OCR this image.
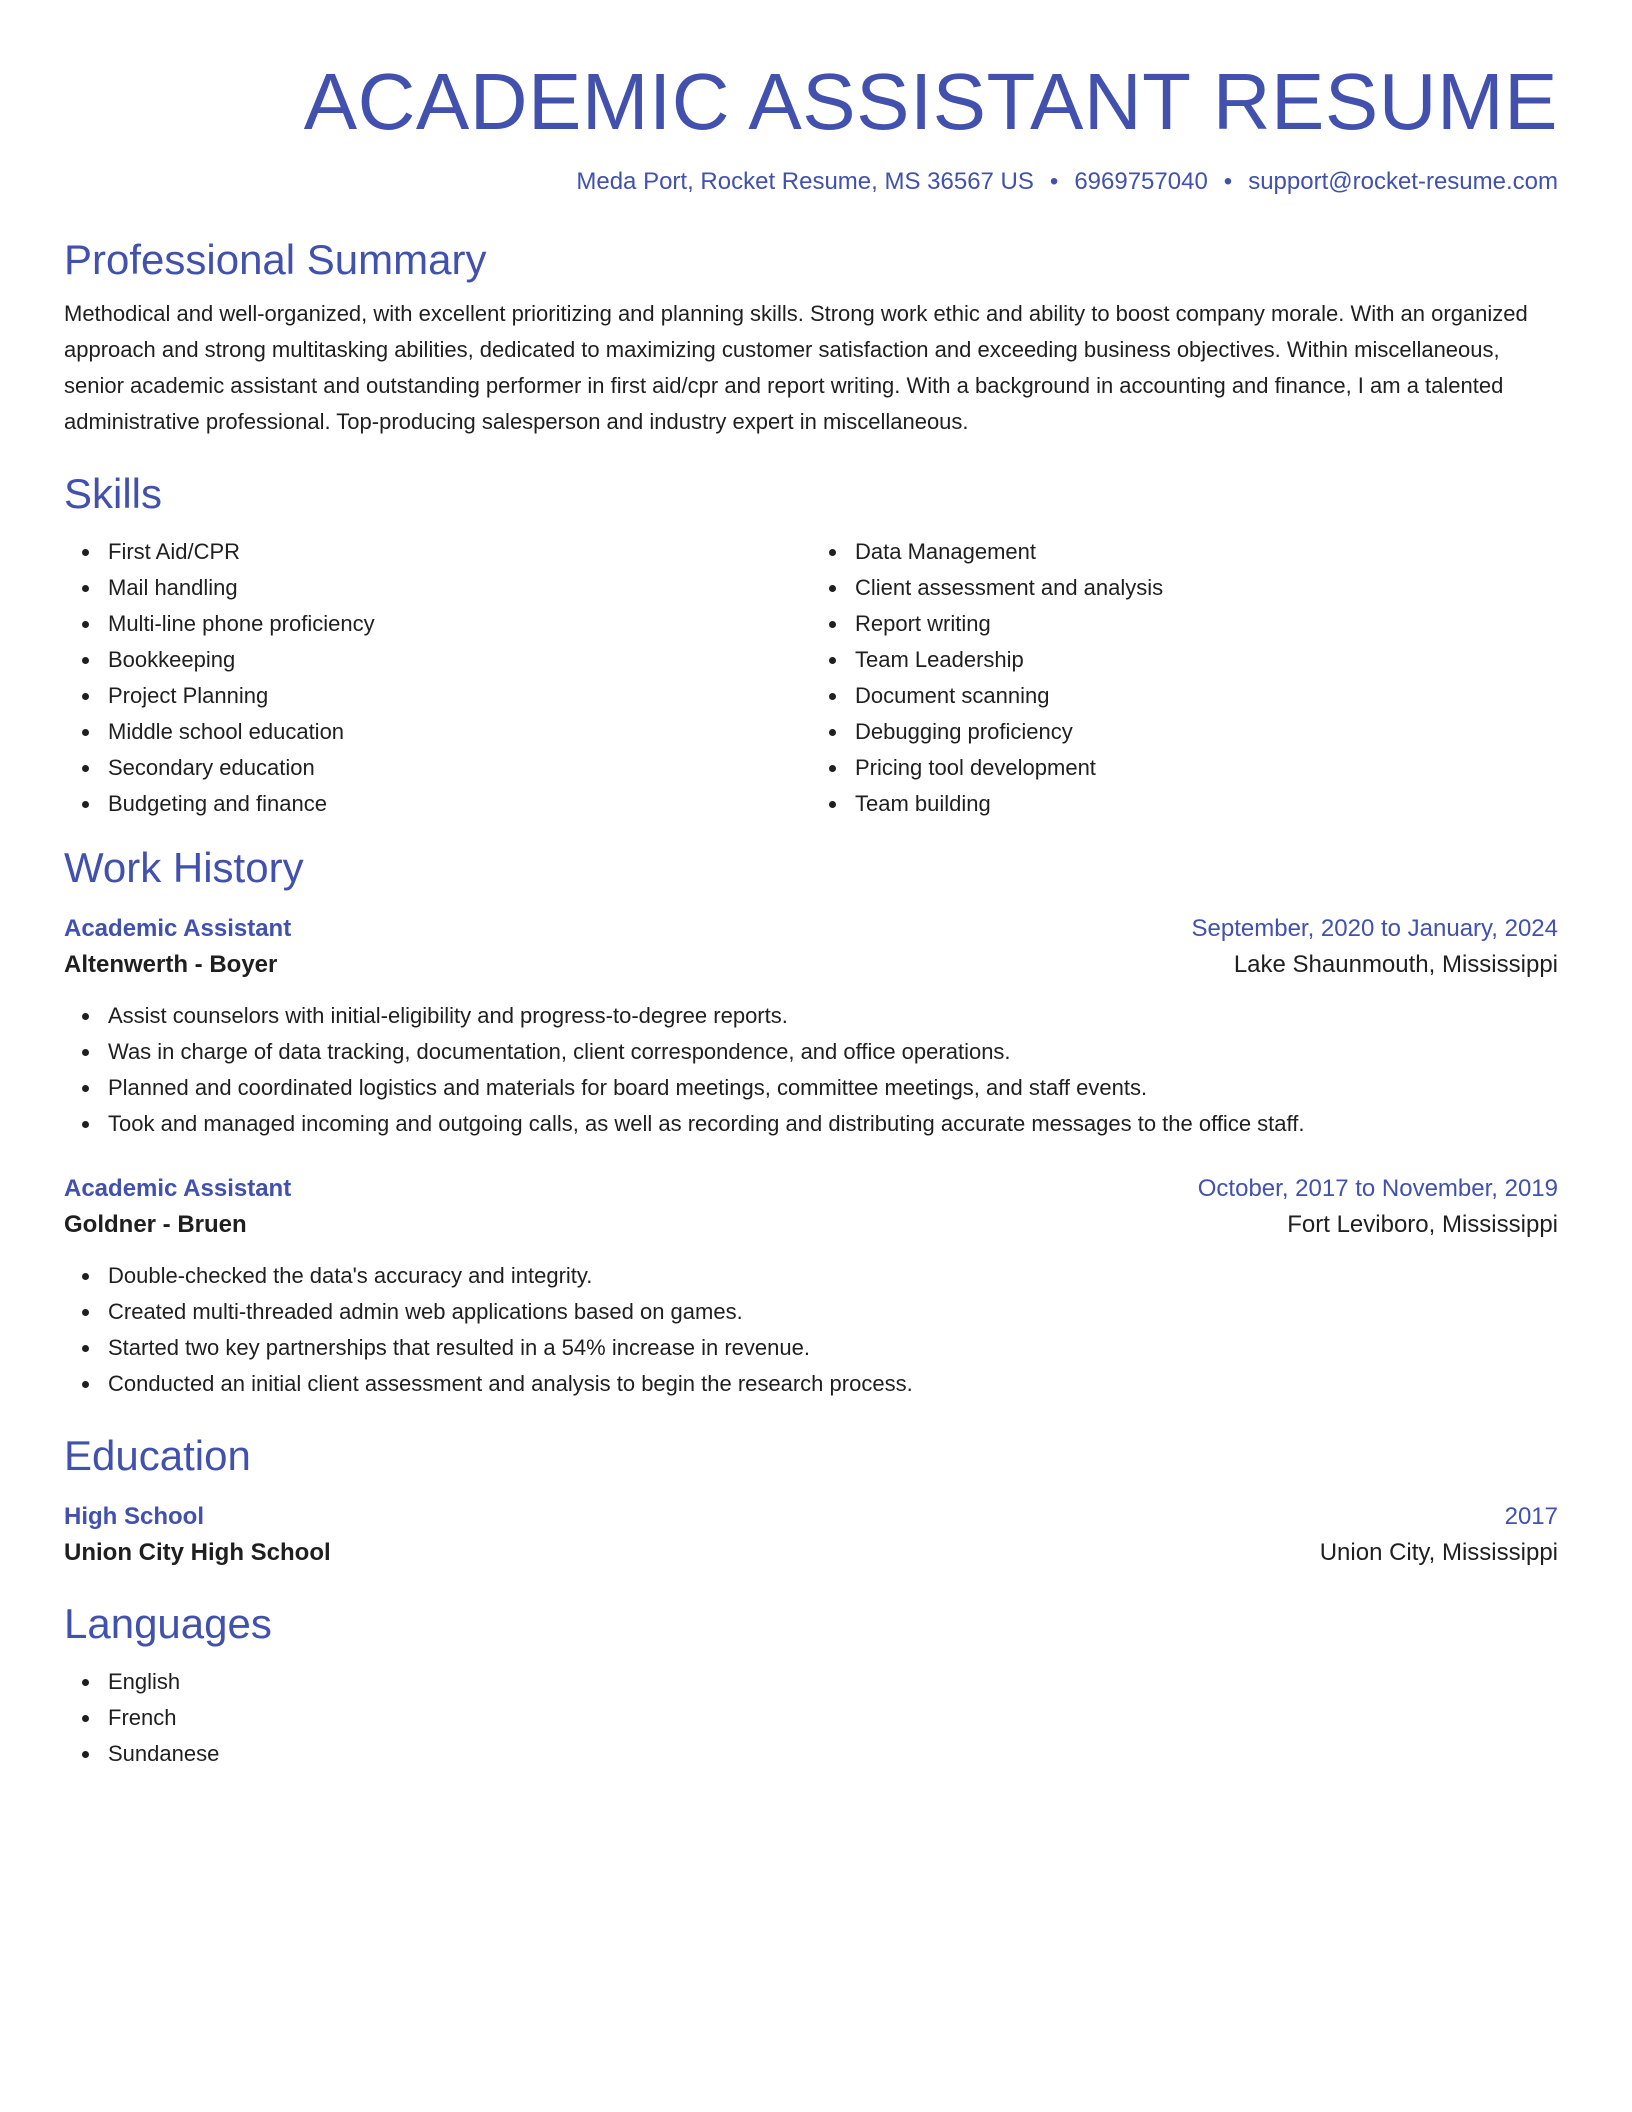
ACADEMIC ASSISTANT RESUME
Meda Port, Rocket Resume, MS 36567 US • 6969757040 • support@rocket-resume.com
Professional Summary

Methodical and well-organized, with excellent prioritizing and planning skills. Strong work ethic and ability to boost company morale. With an organized approach and strong multitasking abilities, dedicated to maximizing customer satisfaction and exceeding business objectives. Within miscellaneous, senior academic assistant and outstanding performer in first aid/cpr and report writing. With a background in accounting and finance, I am a talented administrative professional. Top-producing salesperson and industry expert in miscellaneous.

Skills
First Aid/CPR
Mail handling
Multi-line phone proficiency
Bookkeeping
Project Planning
Middle school education
Secondary education
Budgeting and finance
Data Management
Client assessment and analysis
Report writing
Team Leadership
Document scanning
Debugging proficiency
Pricing tool development
Team building
Work History
Academic Assistant	September, 2020 to January, 2024
Altenwerth - Boyer	Lake Shaunmouth, Mississippi
Assist counselors with initial-eligibility and progress-to-degree reports.
Was in charge of data tracking, documentation, client correspondence, and office operations.
Planned and coordinated logistics and materials for board meetings, committee meetings, and staff events.
Took and managed incoming and outgoing calls, as well as recording and distributing accurate messages to the office staff.
Academic Assistant	October, 2017 to November, 2019
Goldner - Bruen	Fort Leviboro, Mississippi
Double-checked the data's accuracy and integrity.
Created multi-threaded admin web applications based on games.
Started two key partnerships that resulted in a 54% increase in revenue.
Conducted an initial client assessment and analysis to begin the research process.
Education
High School	2017
Union City High School	Union City, Mississippi
Languages
English
French
Sundanese
